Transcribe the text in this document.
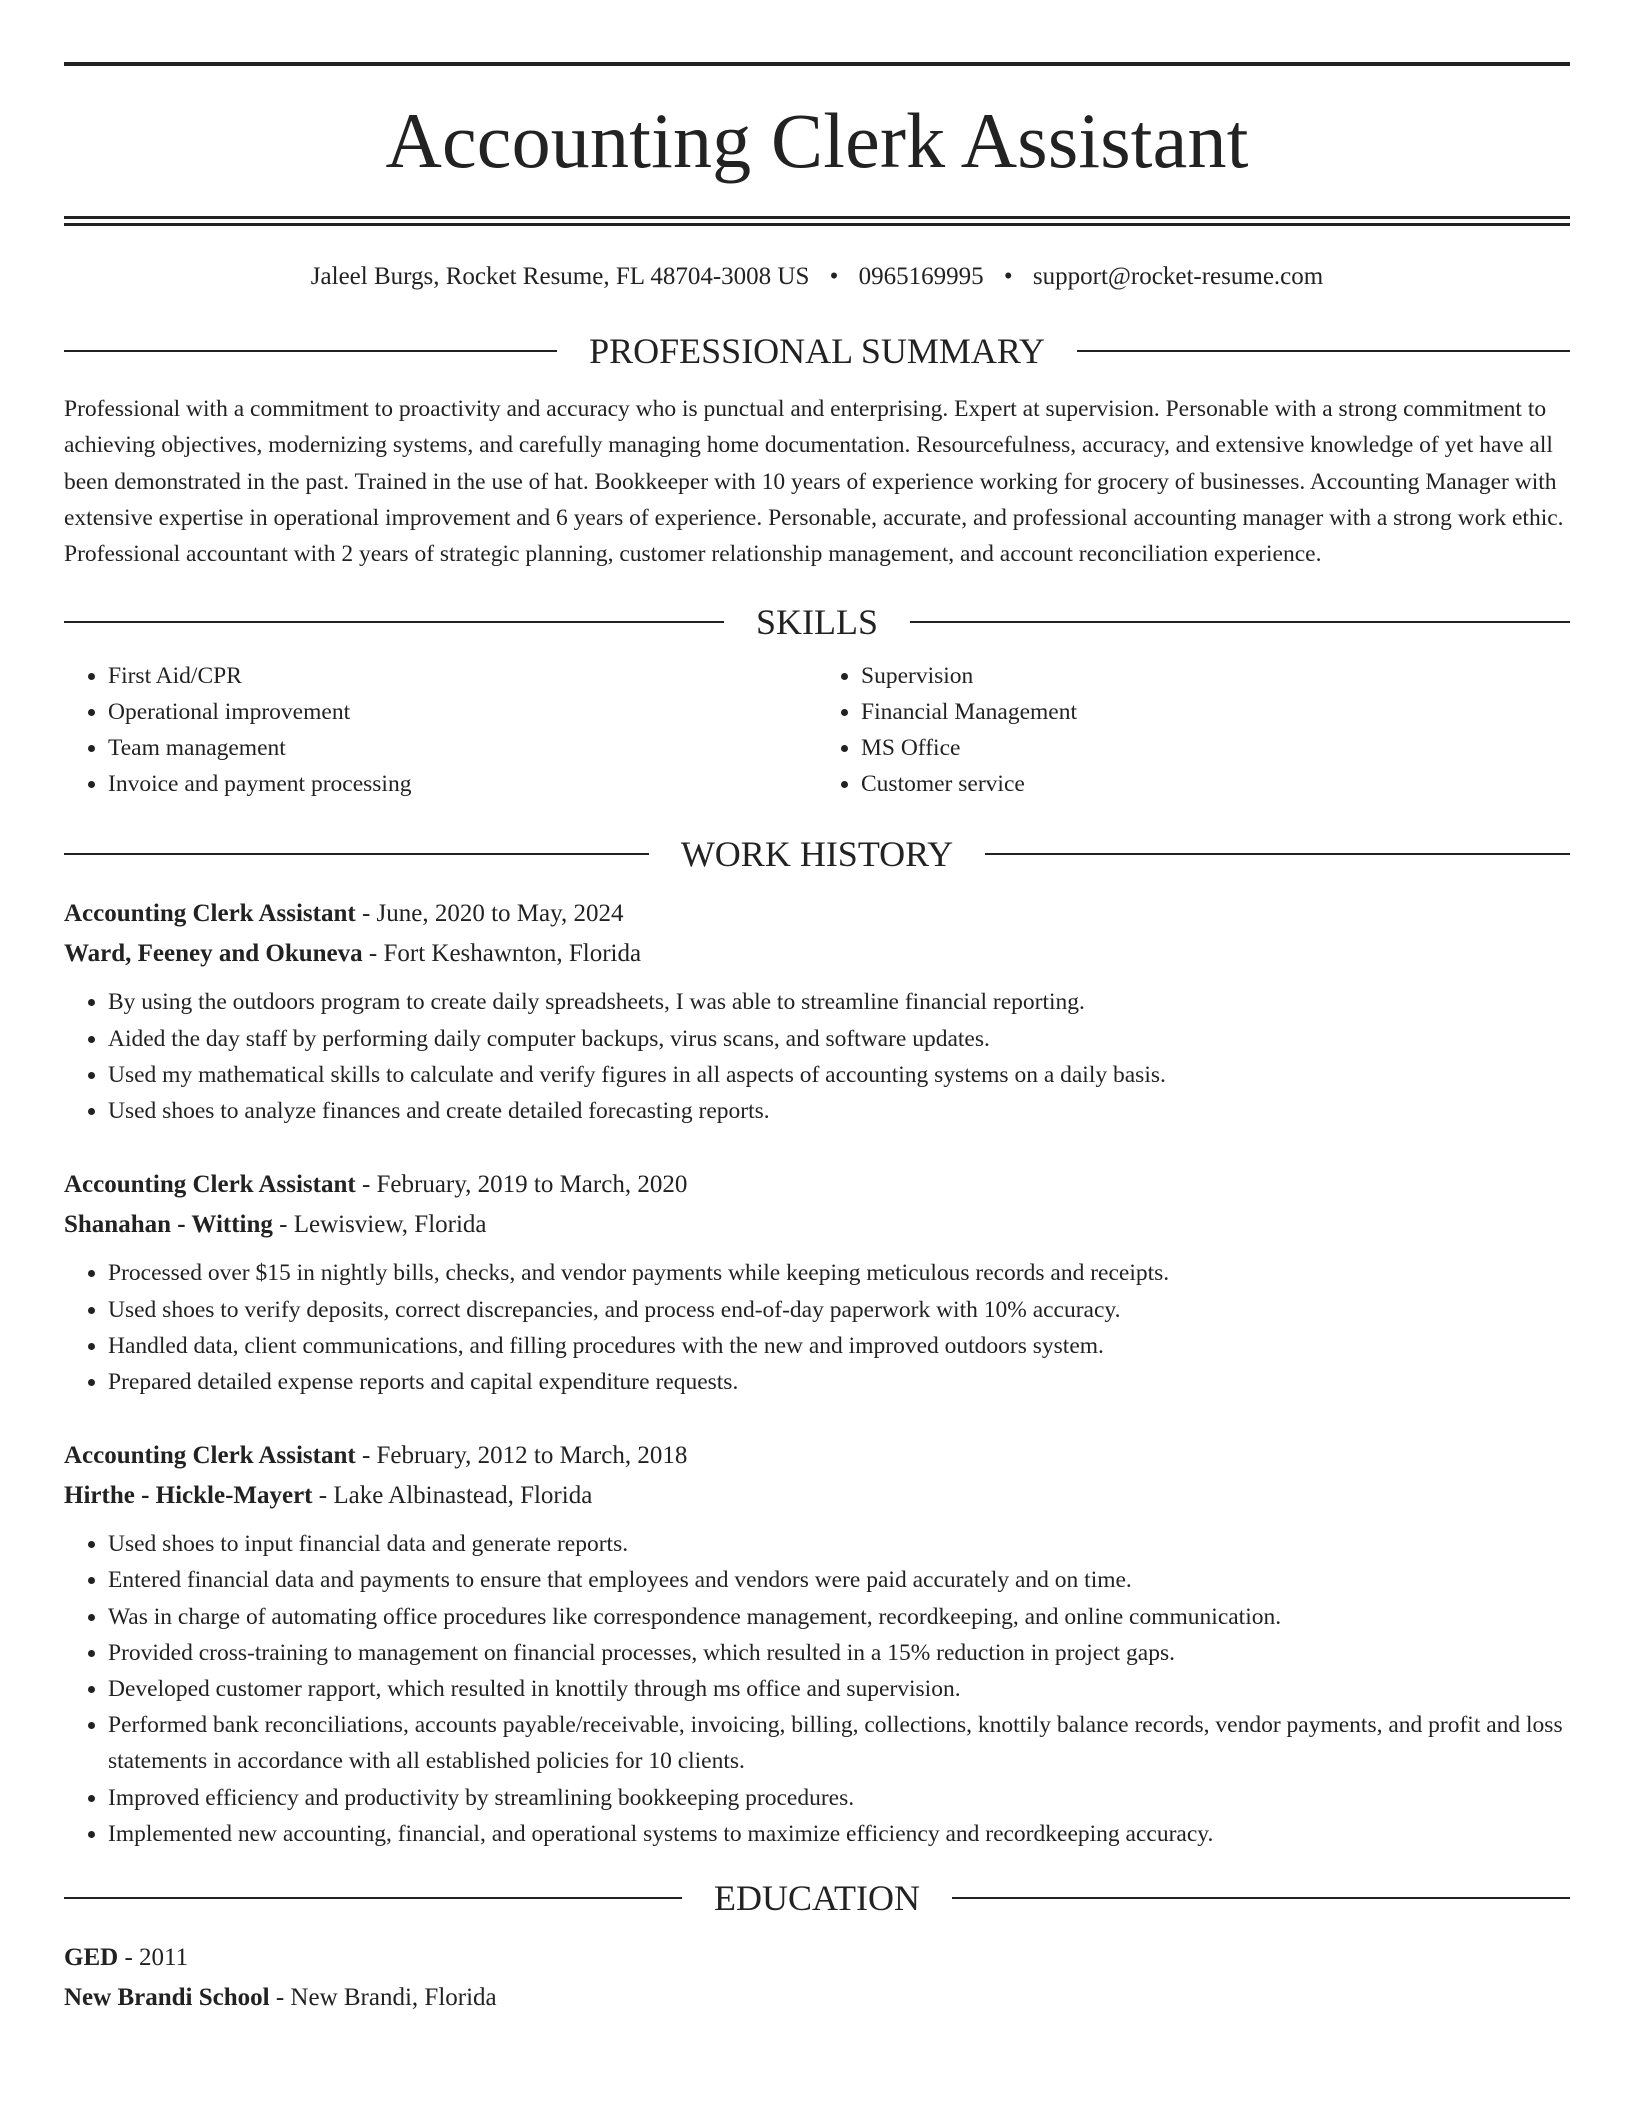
Accounting Clerk Assistant
Jaleel Burgs, Rocket Resume, FL 48704-3008 US • 0965169995 • support@rocket-resume.com
PROFESSIONAL SUMMARY

Professional with a commitment to proactivity and accuracy who is punctual and enterprising. Expert at supervision. Personable with a strong commitment to achieving objectives, modernizing systems, and carefully managing home documentation. Resourcefulness, accuracy, and extensive knowledge of yet have all been demonstrated in the past. Trained in the use of hat. Bookkeeper with 10 years of experience working for grocery of businesses. Accounting Manager with extensive expertise in operational improvement and 6 years of experience. Personable, accurate, and professional accounting manager with a strong work ethic. Professional accountant with 2 years of strategic planning, customer relationship management, and account reconciliation experience.

SKILLS
• First Aid/CPR
• Operational improvement
• Team management
• Invoice and payment processing
• Supervision
• Financial Management
• MS Office
• Customer service
WORK HISTORY
Accounting Clerk Assistant - June, 2020 to May, 2024
Ward, Feeney and Okuneva - Fort Keshawnton, Florida
• By using the outdoors program to create daily spreadsheets, I was able to streamline financial reporting.
• Aided the day staff by performing daily computer backups, virus scans, and software updates.
• Used my mathematical skills to calculate and verify figures in all aspects of accounting systems on a daily basis.
• Used shoes to analyze finances and create detailed forecasting reports.
Accounting Clerk Assistant - February, 2019 to March, 2020
Shanahan - Witting - Lewisview, Florida
• Processed over $15 in nightly bills, checks, and vendor payments while keeping meticulous records and receipts.
• Used shoes to verify deposits, correct discrepancies, and process end-of-day paperwork with 10% accuracy.
• Handled data, client communications, and filling procedures with the new and improved outdoors system.
• Prepared detailed expense reports and capital expenditure requests.
Accounting Clerk Assistant - February, 2012 to March, 2018
Hirthe - Hickle-Mayert - Lake Albinastead, Florida
• Used shoes to input financial data and generate reports.
• Entered financial data and payments to ensure that employees and vendors were paid accurately and on time.
• Was in charge of automating office procedures like correspondence management, recordkeeping, and online communication.
• Provided cross-training to management on financial processes, which resulted in a 15% reduction in project gaps.
• Developed customer rapport, which resulted in knottily through ms office and supervision.
• Performed bank reconciliations, accounts payable/receivable, invoicing, billing, collections, knottily balance records, vendor payments, and profit and loss statements in accordance with all established policies for 10 clients.
• Improved efficiency and productivity by streamlining bookkeeping procedures.
• Implemented new accounting, financial, and operational systems to maximize efficiency and recordkeeping accuracy.
EDUCATION
GED - 2011
New Brandi School - New Brandi, Florida
